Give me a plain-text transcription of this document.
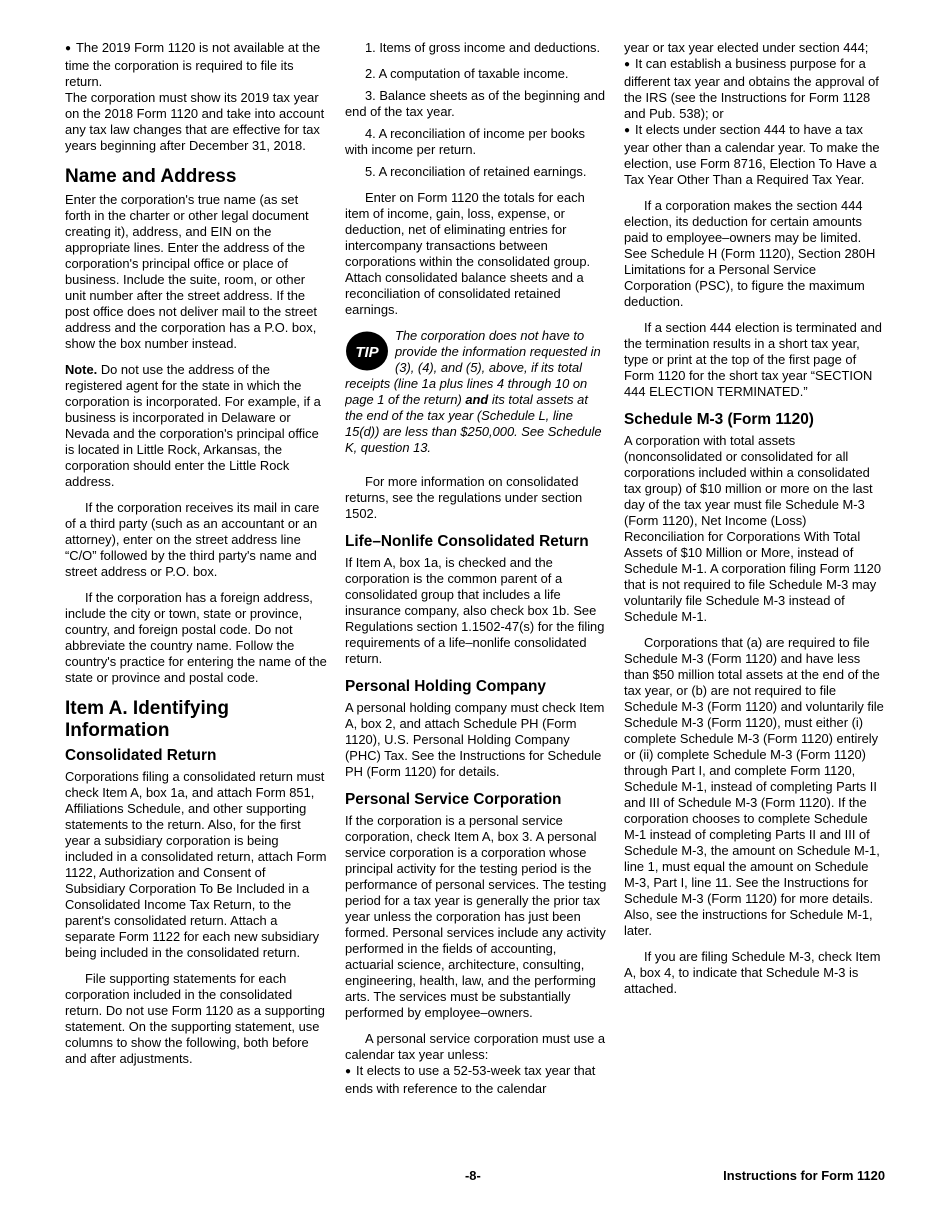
● The 2019 Form 1120 is not available at the time the corporation is required to file its return.

The corporation must show its 2019 tax year on the 2018 Form 1120 and take into account any tax law changes that are effective for tax years beginning after December 31, 2018.

Name and Address

Enter the corporation's true name (as set forth in the charter or other legal document creating it), address, and EIN on the appropriate lines. Enter the address of the corporation's principal office or place of business. Include the suite, room, or other unit number after the street address. If the post office does not deliver mail to the street address and the corporation has a P.O. box, show the box number instead.

Note. Do not use the address of the registered agent for the state in which the corporation is incorporated. For example, if a business is incorporated in Delaware or Nevada and the corporation's principal office is located in Little Rock, Arkansas, the corporation should enter the Little Rock address.

If the corporation receives its mail in care of a third party (such as an accountant or an attorney), enter on the street address line “C/O” followed by the third party's name and street address or P.O. box.

If the corporation has a foreign address, include the city or town, state or province, country, and foreign postal code. Do not abbreviate the country name. Follow the country's practice for entering the name of the state or province and postal code.

Item A. Identifying Information
Consolidated Return

Corporations filing a consolidated return must check Item A, box 1a, and attach Form 851, Affiliations Schedule, and other supporting statements to the return. Also, for the first year a subsidiary corporation is being included in a consolidated return, attach Form 1122, Authorization and Consent of Subsidiary Corporation To Be Included in a Consolidated Income Tax Return, to the parent's consolidated return. Attach a separate Form 1122 for each new subsidiary being included in the consolidated return.

File supporting statements for each corporation included in the consolidated return. Do not use Form 1120 as a supporting statement. On the supporting statement, use columns to show the following, both before and after adjustments.

1. Items of gross income and deductions.

2. A computation of taxable income.

3. Balance sheets as of the beginning and end of the tax year.

4. A reconciliation of income per books with income per return.

5. A reconciliation of retained earnings.

Enter on Form 1120 the totals for each item of income, gain, loss, expense, or deduction, net of eliminating entries for intercompany transactions between corporations within the consolidated group. Attach consolidated balance sheets and a reconciliation of consolidated retained earnings.

TIP
The corporation does not have to provide the information requested in (3), (4), and (5), above, if its total receipts (line 1a plus lines 4 through 10 on page 1 of the return) and its total assets at the end of the tax year (Schedule L, line 15(d)) are less than $250,000. See Schedule K, question 13.

For more information on consolidated returns, see the regulations under section 1502.

Life–Nonlife Consolidated Return

If Item A, box 1a, is checked and the corporation is the common parent of a consolidated group that includes a life insurance company, also check box 1b. See Regulations section 1.1502-47(s) for the filing requirements of a life–nonlife consolidated return.

Personal Holding Company

A personal holding company must check Item A, box 2, and attach Schedule PH (Form 1120), U.S. Personal Holding Company (PHC) Tax. See the Instructions for Schedule PH (Form 1120) for details.

Personal Service Corporation

If the corporation is a personal service corporation, check Item A, box 3. A personal service corporation is a corporation whose principal activity for the testing period is the performance of personal services. The testing period for a tax year is generally the prior tax year unless the corporation has just been formed. Personal services include any activity performed in the fields of accounting, actuarial science, architecture, consulting, engineering, health, law, and the performing arts. The services must be substantially performed by employee–owners.

A personal service corporation must use a calendar tax year unless:

● It elects to use a 52-53-week tax year that ends with reference to the calendar

year or tax year elected under section 444;

● It can establish a business purpose for a different tax year and obtains the approval of the IRS (see the Instructions for Form 1128 and Pub. 538); or

● It elects under section 444 to have a tax year other than a calendar year. To make the election, use Form 8716, Election To Have a Tax Year Other Than a Required Tax Year.

If a corporation makes the section 444 election, its deduction for certain amounts paid to employee–owners may be limited. See Schedule H (Form 1120), Section 280H Limitations for a Personal Service Corporation (PSC), to figure the maximum deduction.

If a section 444 election is terminated and the termination results in a short tax year, type or print at the top of the first page of Form 1120 for the short tax year “SECTION 444 ELECTION TERMINATED.”

Schedule M-3 (Form 1120)

A corporation with total assets (nonconsolidated or consolidated for all corporations included within a consolidated tax group) of $10 million or more on the last day of the tax year must file Schedule M-3 (Form 1120), Net Income (Loss) Reconciliation for Corporations With Total Assets of $10 Million or More, instead of Schedule M-1. A corporation filing Form 1120 that is not required to file Schedule M-3 may voluntarily file Schedule M-3 instead of Schedule M-1.

Corporations that (a) are required to file Schedule M-3 (Form 1120) and have less than $50 million total assets at the end of the tax year, or (b) are not required to file Schedule M-3 (Form 1120) and voluntarily file Schedule M-3 (Form 1120), must either (i) complete Schedule M-3 (Form 1120) entirely or (ii) complete Schedule M-3 (Form 1120) through Part I, and complete Form 1120, Schedule M-1, instead of completing Parts II and III of Schedule M-3 (Form 1120). If the corporation chooses to complete Schedule M-1 instead of completing Parts II and III of Schedule M-3, the amount on Schedule M-1, line 1, must equal the amount on Schedule M-3, Part I, line 11. See the Instructions for Schedule M-3 (Form 1120) for more details. Also, see the instructions for Schedule M-1, later.

If you are filing Schedule M-3, check Item A, box 4, to indicate that Schedule M-3 is attached.

-8-	Instructions for Form 1120
